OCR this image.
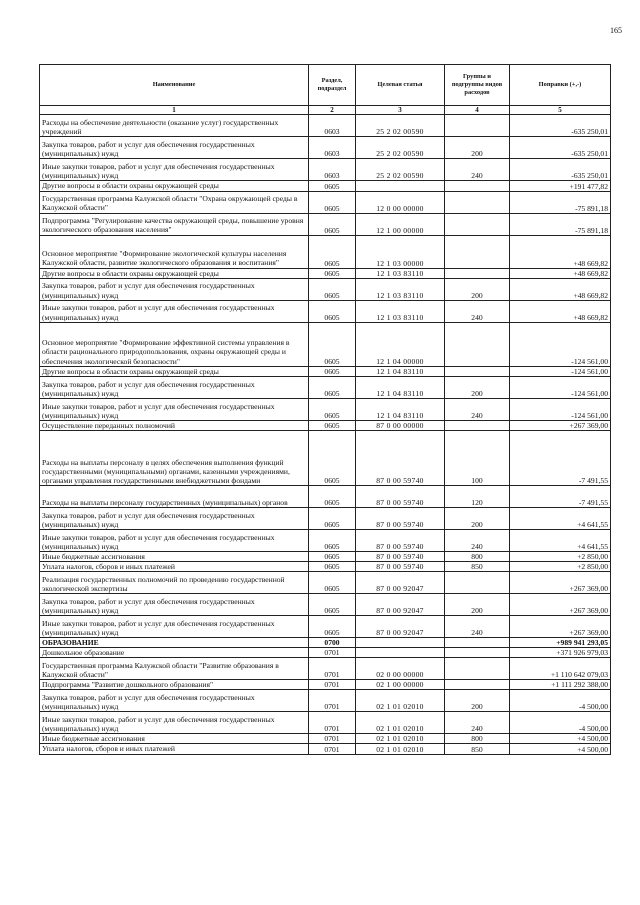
165
Наименование	Раздел, подраздел	Целевая статья	Группы и подгруппы видов расходов	Поправки (+,-)
1	2	3	4	5
Расходы на обеспечение деятельности (оказание услуг) государственных учреждений	0603	25 2 02 00590		-635 250,01
Закупка товаров, работ и услуг для обеспечения государственных (муниципальных) нужд	0603	25 2 02 00590	200	-635 250,01
Иные закупки товаров, работ и услуг для обеспечения государственных (муниципальных) нужд	0603	25 2 02 00590	240	-635 250,01
Другие вопросы в области охраны окружающей среды	0605			+191 477,82
Государственная программа Калужской области "Охрана окружающей среды в Калужской области"	0605	12 0 00 00000		-75 891,18
Подпрограмма "Регулирование качества окружающей среды, повышение уровня экологического образования населения"	0605	12 1 00 00000		-75 891,18
Основное мероприятие "Формирование экологической культуры населения Калужской области, развитие экологического образования и воспитания"	0605	12 1 03 00000		+48 669,82
Другие вопросы в области охраны окружающей среды	0605	12 1 03 83110		+48 669,82
Закупка товаров, работ и услуг для обеспечения государственных (муниципальных) нужд	0605	12 1 03 83110	200	+48 669,82
Иные закупки товаров, работ и услуг для обеспечения государственных (муниципальных) нужд	0605	12 1 03 83110	240	+48 669,82
Основное мероприятие "Формирование эффективной системы управления в области рационального природопользования, охраны окружающей среды и обеспечения экологической безопасности"	0605	12 1 04 00000		-124 561,00
Другие вопросы в области охраны окружающей среды	0605	12 1 04 83110		-124 561,00
Закупка товаров, работ и услуг для обеспечения государственных (муниципальных) нужд	0605	12 1 04 83110	200	-124 561,00
Иные закупки товаров, работ и услуг для обеспечения государственных (муниципальных) нужд	0605	12 1 04 83110	240	-124 561,00
Осуществление переданных полномочий	0605	87 0 00 00000		+267 369,00
Расходы на выплаты персоналу в целях обеспечения выполнения функций государственными (муниципальными) органами, казенными учреждениями, органами управления государственными внебюджетными фондами	0605	87 0 00 59740	100	-7 491,55
Расходы на выплаты персоналу государственных (муниципальных) органов	0605	87 0 00 59740	120	-7 491,55
Закупка товаров, работ и услуг для обеспечения государственных (муниципальных) нужд	0605	87 0 00 59740	200	+4 641,55
Иные закупки товаров, работ и услуг для обеспечения государственных (муниципальных) нужд	0605	87 0 00 59740	240	+4 641,55
Иные бюджетные ассигнования	0605	87 0 00 59740	800	+2 850,00
Уплата налогов, сборов и иных платежей	0605	87 0 00 59740	850	+2 850,00
Реализация государственных полномочий по проведению государственной экологической экспертизы	0605	87 0 00 92047		+267 369,00
Закупка товаров, работ и услуг для обеспечения государственных (муниципальных) нужд	0605	87 0 00 92047	200	+267 369,00
Иные закупки товаров, работ и услуг для обеспечения государственных (муниципальных) нужд	0605	87 0 00 92047	240	+267 369,00
ОБРАЗОВАНИЕ	0700			+989 941 293,05
Дошкольное образование	0701			+371 926 979,03
Государственная программа Калужской области "Развитие образования в Калужской области"	0701	02 0 00 00000		+1 110 642 079,03
Подпрограмма "Развитие дошкольного образования"	0701	02 1 00 00000		+1 111 292 388,00
Закупка товаров, работ и услуг для обеспечения государственных (муниципальных) нужд	0701	02 1 01 02010	200	-4 500,00
Иные закупки товаров, работ и услуг для обеспечения государственных (муниципальных) нужд	0701	02 1 01 02010	240	-4 500,00
Иные бюджетные ассигнования	0701	02 1 01 02010	800	+4 500,00
Уплата налогов, сборов и иных платежей	0701	02 1 01 02010	850	+4 500,00
